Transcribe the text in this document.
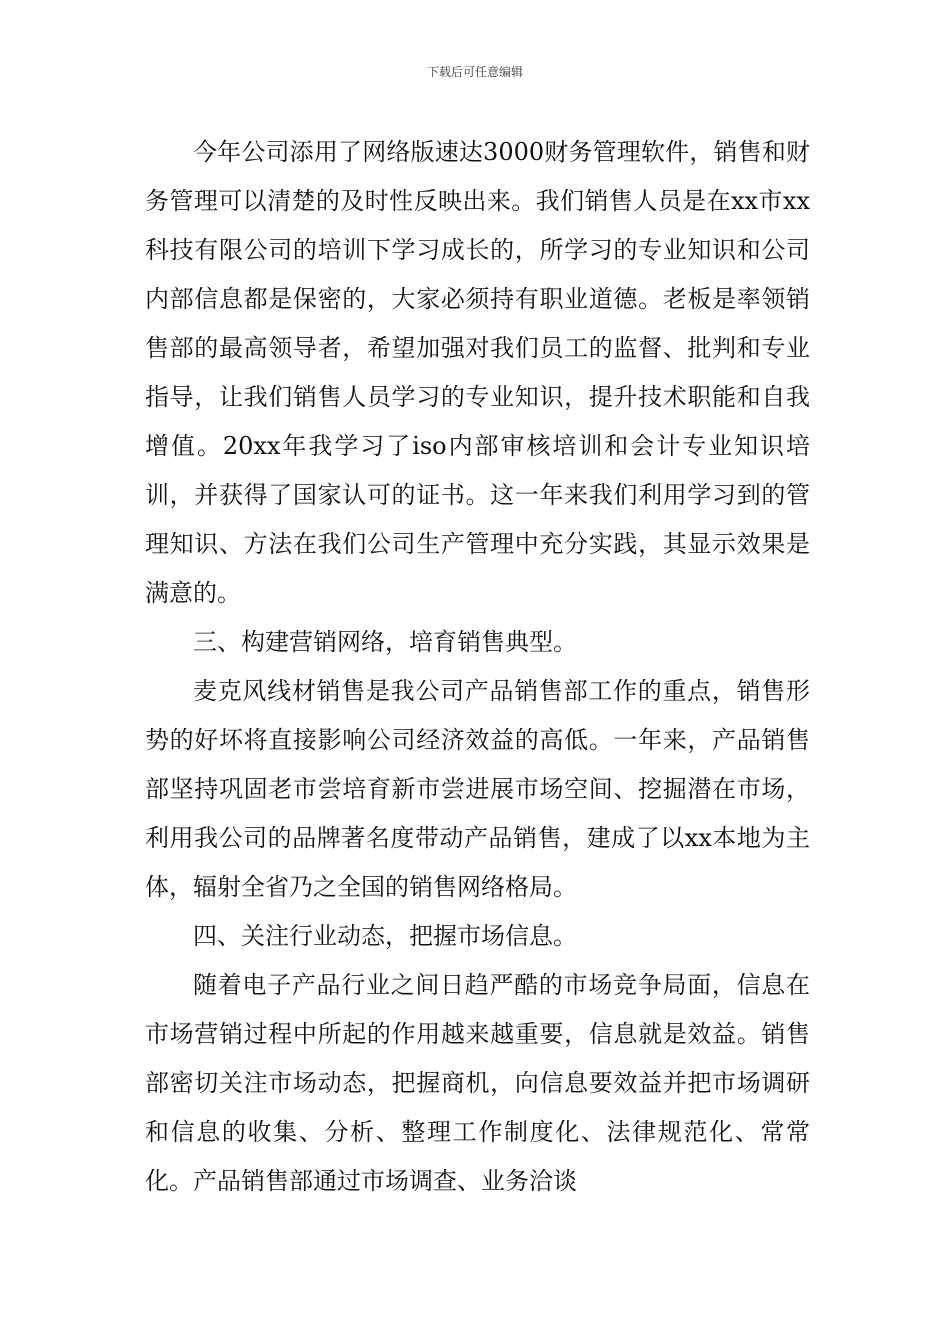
下载后可任意编辑

今年公司添用了网络版速达3000财务管理软件，销售和财务管理可以清楚的及时性反映出来。我们销售人员是在xx市xx科技有限公司的培训下学习成长的，所学习的专业知识和公司内部信息都是保密的，大家必须持有职业道德。老板是率领销售部的最高领导者，希望加强对我们员工的监督、批判和专业指导，让我们销售人员学习的专业知识，提升技术职能和自我增值。20xx年我学习了iso内部审核培训和会计专业知识培训，并获得了国家认可的证书。这一年来我们利用学习到的管理知识、方法在我们公司生产管理中充分实践，其显示效果是满意的。

三、构建营销网络，培育销售典型。

麦克风线材销售是我公司产品销售部工作的重点，销售形势的好坏将直接影响公司经济效益的高低。一年来，产品销售部坚持巩固老市尝培育新市尝进展市场空间、挖掘潜在市场，利用我公司的品牌著名度带动产品销售，建成了以xx本地为主体，辐射全省乃之全国的销售网络格局。

四、关注行业动态，把握市场信息。

随着电子产品行业之间日趋严酷的市场竞争局面，信息在市场营销过程中所起的作用越来越重要，信息就是效益。销售部密切关注市场动态，把握商机，向信息要效益并把市场调研和信息的收集、分析、整理工作制度化、法律规范化、常常化。产品销售部通过市场调查、业务洽谈
